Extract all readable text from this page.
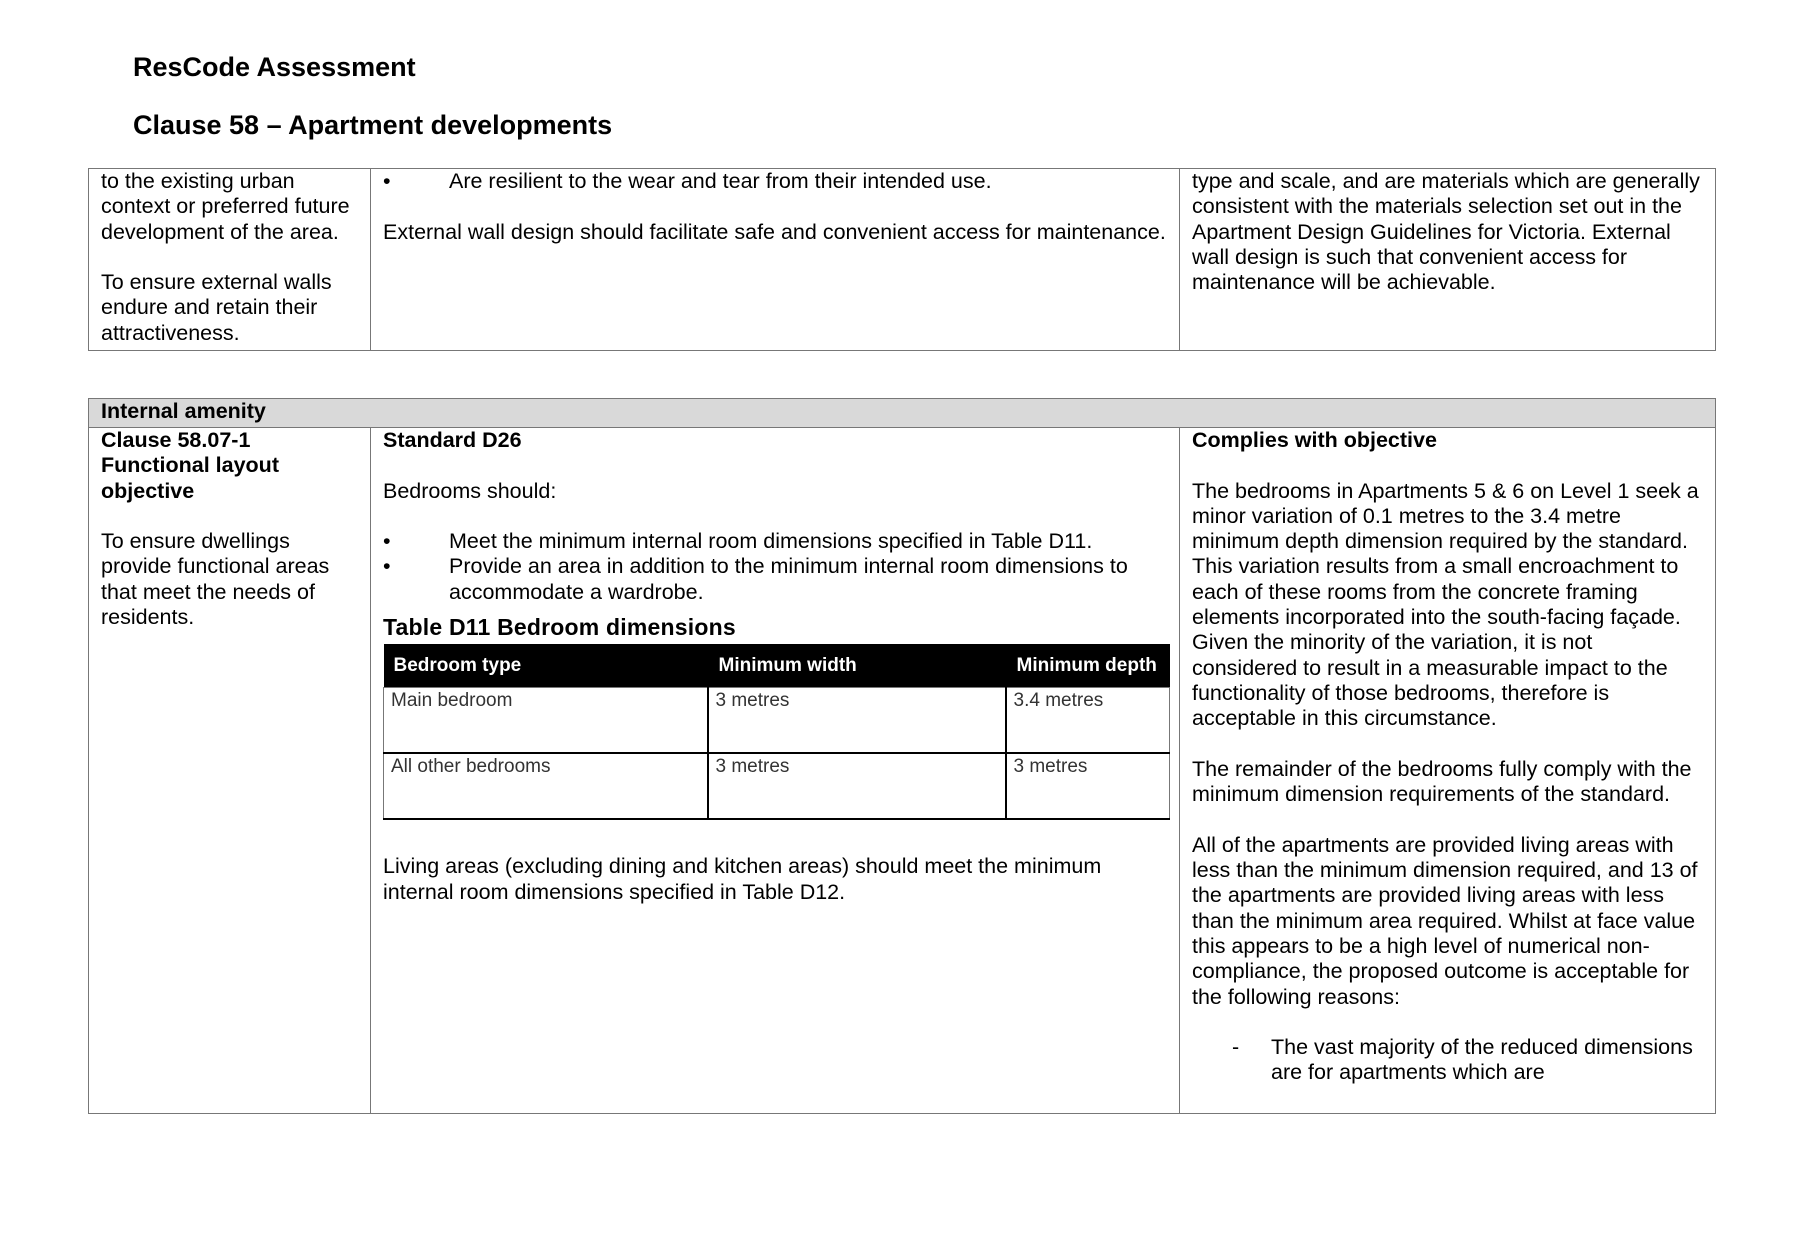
ResCode Assessment
Clause 58 – Apartment developments

to the existing urban context or preferred future development of the area.

To ensure external walls endure and retain their attractiveness.

•	Are resilient to the wear and tear from their intended use.

External wall design should facilitate safe and convenient access for maintenance.

type and scale, and are materials which are generally consistent with the materials selection set out in the Apartment Design Guidelines for Victoria. External wall design is such that convenient access for maintenance will be achievable.

Internal amenity

Clause 58.07-1 Functional layout objective

To ensure dwellings provide functional areas that meet the needs of residents.

Standard D26

Bedrooms should:

•	Meet the minimum internal room dimensions specified in Table D11.
•	Provide an area in addition to the minimum internal room dimensions to accommodate a wardrobe.
Table D11 Bedroom dimensions
Bedroom type	Minimum width	Minimum depth
Main bedroom	3 metres	3.4 metres
All other bedrooms	3 metres	3 metres

Living areas (excluding dining and kitchen areas) should meet the minimum internal room dimensions specified in Table D12.

Complies with objective

The bedrooms in Apartments 5 & 6 on Level 1 seek a minor variation of 0.1 metres to the 3.4 metre minimum depth dimension required by the standard. This variation results from a small encroachment to each of these rooms from the concrete framing elements incorporated into the south-facing façade. Given the minority of the variation, it is not considered to result in a measurable impact to the functionality of those bedrooms, therefore is acceptable in this circumstance.

The remainder of the bedrooms fully comply with the minimum dimension requirements of the standard.

All of the apartments are provided living areas with less than the minimum dimension required, and 13 of the apartments are provided living areas with less than the minimum area required. Whilst at face value this appears to be a high level of numerical non-compliance, the proposed outcome is acceptable for the following reasons:

- The vast majority of the reduced dimensions are for apartments which are
